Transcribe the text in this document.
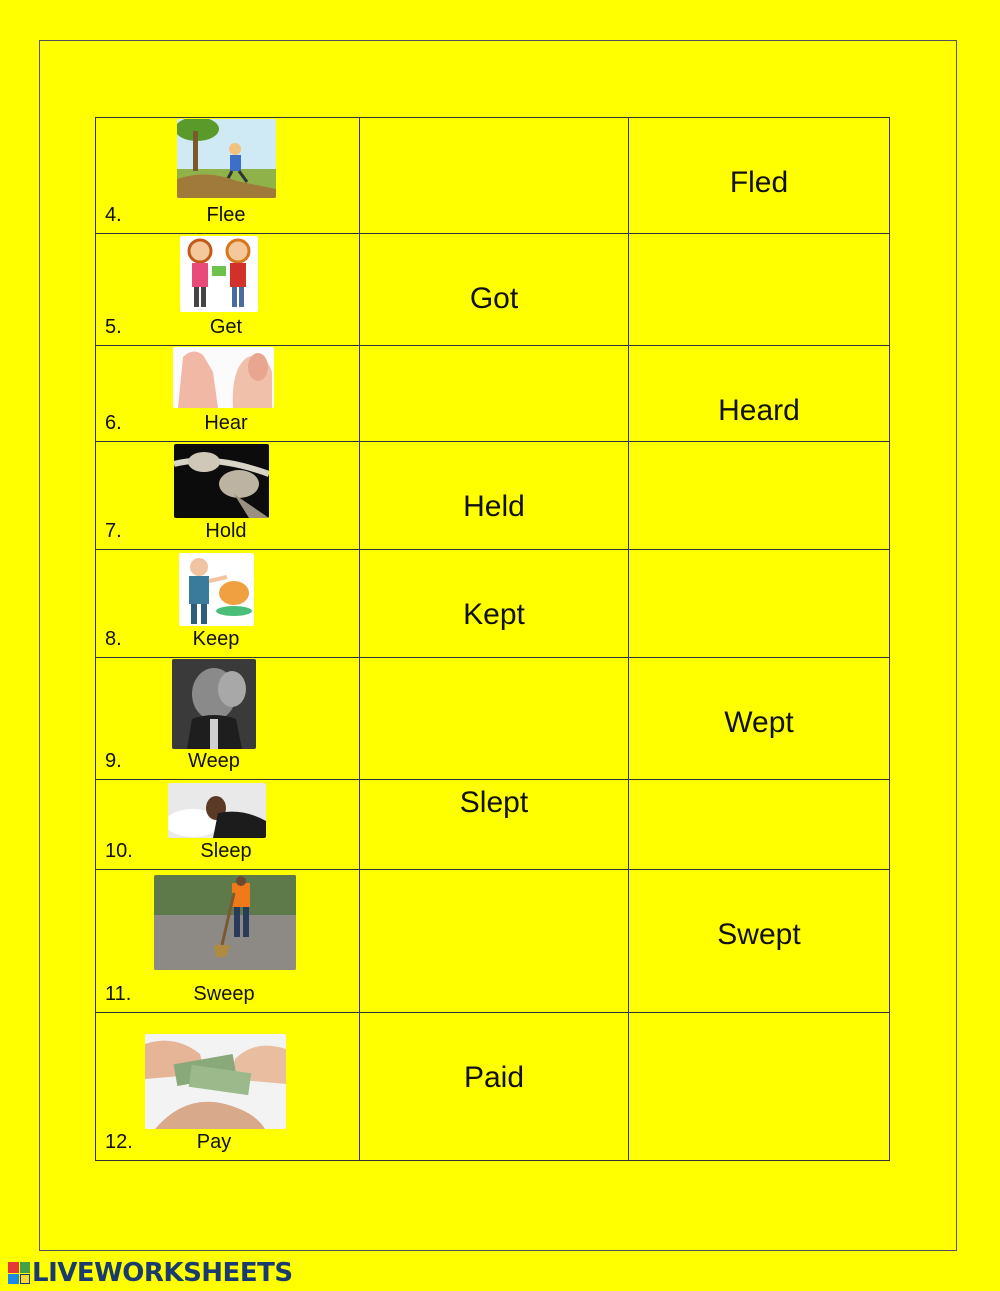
4. Flee		Fled

5. Get	Got	

6. Hear		Heard

7. Hold	Held	

8. Keep	Kept	

9. Weep		Wept

10. Sleep	Slept	

11. Sweep		Swept

12. Pay	Paid	

LIVEWORKSHEETS
